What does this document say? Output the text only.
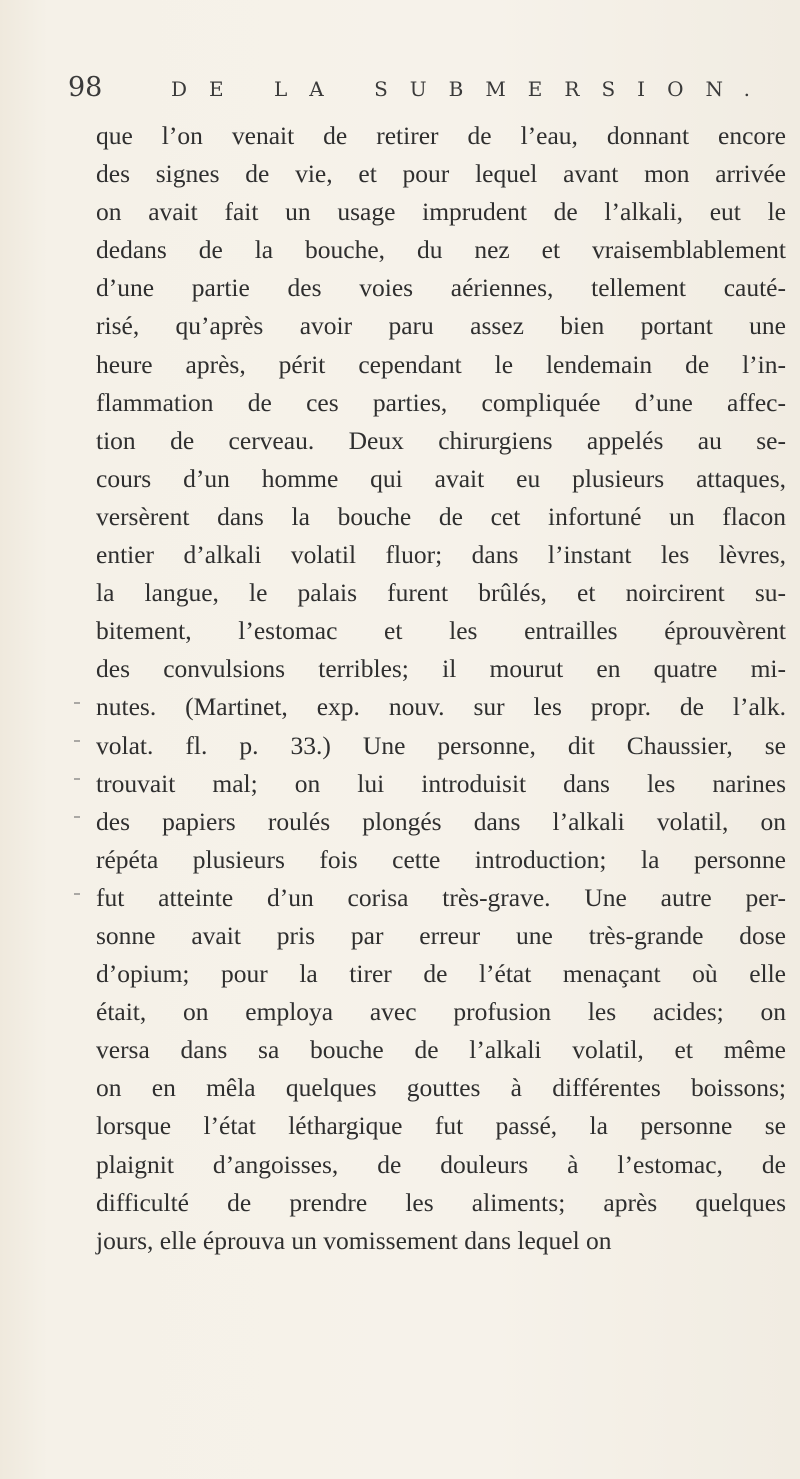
98	DE LA SUBMERSION.
que l’on venait de retirer de l’eau, donnant encore
des signes de vie, et pour lequel avant mon arrivée
on avait fait un usage imprudent de l’alkali, eut le
dedans de la bouche, du nez et vraisemblablement
d’une partie des voies aériennes, tellement cauté-
risé, qu’après avoir paru assez bien portant une
heure après, périt cependant le lendemain de l’in-
flammation de ces parties, compliquée d’une affec-
tion de cerveau. Deux chirurgiens appelés au se-
cours d’un homme qui avait eu plusieurs attaques,
versèrent dans la bouche de cet infortuné un flacon
entier d’alkali volatil fluor; dans l’instant les lèvres,
la langue, le palais furent brûlés, et noircirent su-
bitement, l’estomac et les entrailles éprouvèrent
des convulsions terribles; il mourut en quatre mi-
nutes. (Martinet, exp. nouv. sur les propr. de l’alk.
volat. fl. p. 33.) Une personne, dit Chaussier, se
trouvait mal; on lui introduisit dans les narines
des papiers roulés plongés dans l’alkali volatil, on
répéta plusieurs fois cette introduction; la personne
fut atteinte d’un corisa très-grave. Une autre per-
sonne avait pris par erreur une très-grande dose
d’opium; pour la tirer de l’état menaçant où elle
était, on employa avec profusion les acides; on
versa dans sa bouche de l’alkali volatil, et même
on en mêla quelques gouttes à différentes boissons;
lorsque l’état léthargique fut passé, la personne se
plaignit d’angoisses, de douleurs à l’estomac, de
difficulté de prendre les aliments; après quelques
jours, elle éprouva un vomissement dans lequel on
